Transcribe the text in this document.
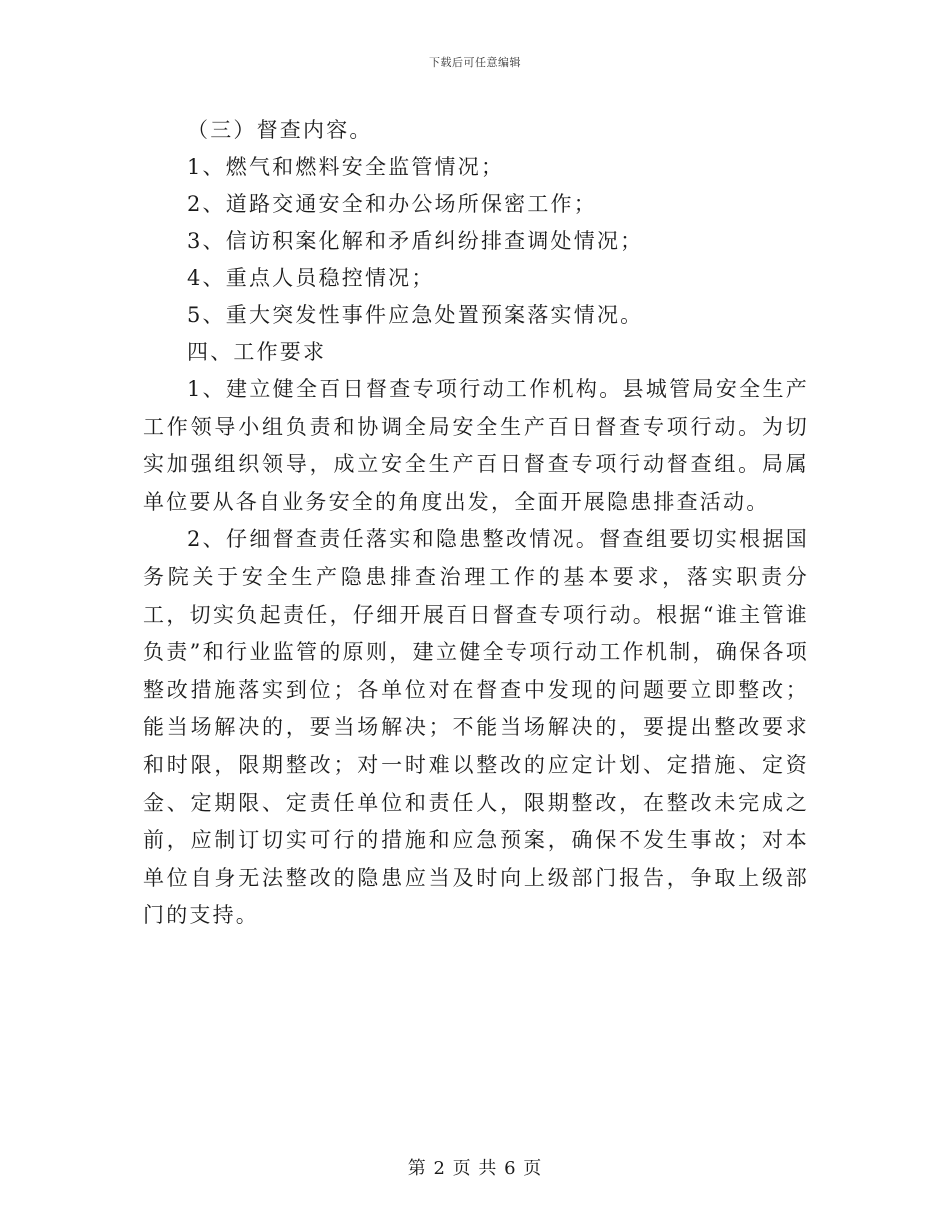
下载后可任意编辑

（三）督查内容。

1、燃气和燃料安全监管情况；

2、道路交通安全和办公场所保密工作；

3、信访积案化解和矛盾纠纷排查调处情况；

4、重点人员稳控情况；

5、重大突发性事件应急处置预案落实情况。

四、工作要求

1、建立健全百日督查专项行动工作机构。县城管局安全生产工作领导小组负责和协调全局安全生产百日督查专项行动。为切实加强组织领导，成立安全生产百日督查专项行动督查组。局属单位要从各自业务安全的角度出发，全面开展隐患排查活动。

2、仔细督查责任落实和隐患整改情况。督查组要切实根据国务院关于安全生产隐患排查治理工作的基本要求，落实职责分工，切实负起责任，仔细开展百日督查专项行动。根据“谁主管谁负责”和行业监管的原则，建立健全专项行动工作机制，确保各项整改措施落实到位；各单位对在督查中发现的问题要立即整改；能当场解决的，要当场解决；不能当场解决的，要提出整改要求和时限，限期整改；对一时难以整改的应定计划、定措施、定资金、定期限、定责任单位和责任人，限期整改，在整改未完成之前，应制订切实可行的措施和应急预案，确保不发生事故；对本单位自身无法整改的隐患应当及时向上级部门报告，争取上级部门的支持。

第 2 页 共 6 页
